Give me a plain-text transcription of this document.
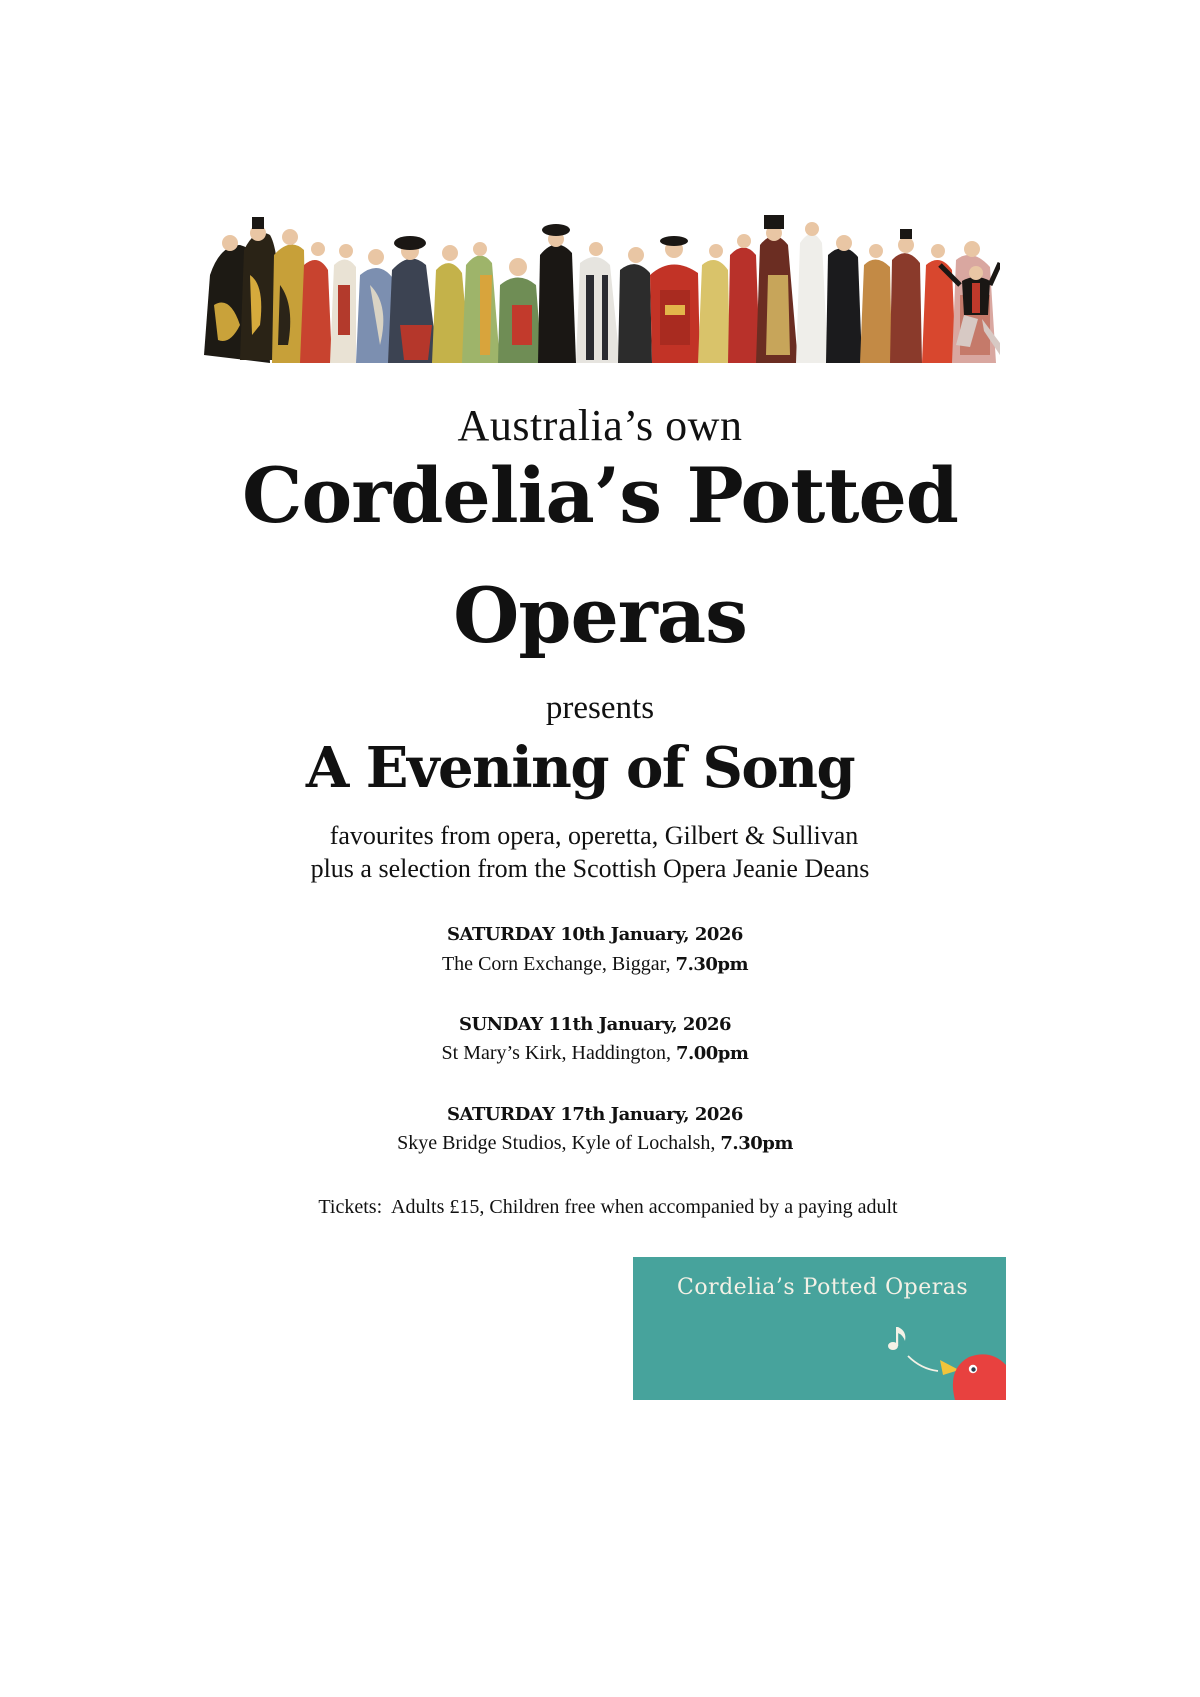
Australia’s own
Cordelia’s Potted
Operas
presents
A Evening of Song
favourites from opera, operetta, Gilbert & Sullivan
plus a selection from the Scottish Opera Jeanie Deans
SATURDAY 10th January, 2026
The Corn Exchange, Biggar, 7.30pm
SUNDAY 11th January, 2026
St Mary’s Kirk, Haddington, 7.00pm
SATURDAY 17th January, 2026
Skye Bridge Studios, Kyle of Lochalsh, 7.30pm
Tickets:  Adults £15, Children free when accompanied by a paying adult
Cordelia’s Potted Operas
